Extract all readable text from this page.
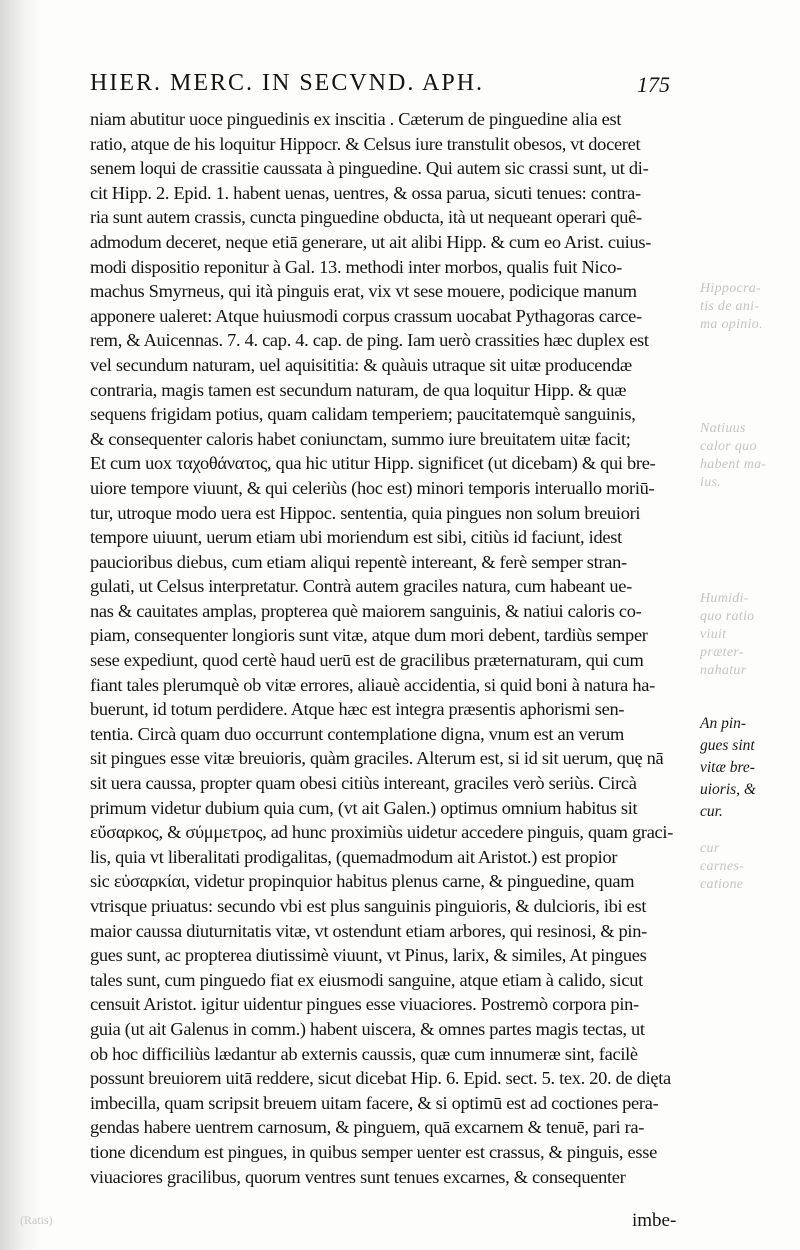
HIER. MERC. IN SECVND. APH.	175
niam abutitur uoce pinguedinis ex inscitia . Cæterum de pinguedine alia est
ratio, atque de his loquitur Hippocr. & Celsus iure transtulit obesos, vt doceret
senem loqui de crassitie caussata à pinguedine. Qui autem sic crassi sunt, ut di-
cit Hipp. 2. Epid. 1. habent uenas, uentres, & ossa parua, sicuti tenues: contra-
ria sunt autem crassis, cuncta pinguedine obducta, ità ut nequeant operari quê-
admodum deceret, neque etiā generare, ut ait alibi Hipp. & cum eo Arist. cuius-
modi dispositio reponitur à Gal. 13. methodi inter morbos, qualis fuit Nico-
machus Smyrneus, qui ità pinguis erat, vix vt sese mouere, podicique manum
apponere ualeret: Atque huiusmodi corpus crassum uocabat Pythagoras carce-
rem, & Auicennas. 7. 4. cap. 4. cap. de ping. Iam uerò crassities hæc duplex est
vel secundum naturam, uel aquisititia: & quàuis utraque sit uitæ producendæ
contraria, magis tamen est secundum naturam, de qua loquitur Hipp. & quæ
sequens frigidam potius, quam calidam temperiem; paucitatemquè sanguinis,
& consequenter caloris habet coniunctam, summo iure breuitatem uitæ facit;
Et cum uox ταχοθάνατος, qua hic utitur Hipp. significet (ut dicebam) & qui bre-
uiore tempore viuunt, & qui celeriùs (hoc est) minori temporis interuallo moriū-
tur, utroque modo uera est Hippoc. sententia, quia pingues non solum breuiori
tempore uiuunt, uerum etiam ubi moriendum est sibi, citiùs id faciunt, idest
paucioribus diebus, cum etiam aliqui repentè intereant, & ferè semper stran-
gulati, ut Celsus interpretatur. Contrà autem graciles natura, cum habeant ue-
nas & cauitates amplas, propterea què maiorem sanguinis, & natiui caloris co-
piam, consequenter longioris sunt vitæ, atque dum mori debent, tardiùs semper
sese expediunt, quod certè haud uerū est de gracilibus præternaturam, qui cum
fiant tales plerumquè ob vitæ errores, aliauè accidentia, si quid boni à natura ha-
buerunt, id totum perdidere. Atque hæc est integra præsentis aphorismi sen-
tentia. Circà quam duo occurrunt contemplatione digna, vnum est an verum
sit pingues esse vitæ breuioris, quàm graciles. Alterum est, si id sit uerum, quę nā
sit uera caussa, propter quam obesi citiùs intereant, graciles verò seriùs. Circà
primum videtur dubium quia cum, (vt ait Galen.) optimus omnium habitus sit
εὔσαρκος, & σύμμετρος, ad hunc proximiùs uidetur accedere pinguis, quam graci-
lis, quia vt liberalitati prodigalitas, (quemadmodum ait Aristot.) est propior
sic εὐσαρκίαι, videtur propinquior habitus plenus carne, & pinguedine, quam
vtrisque priuatus: secundo vbi est plus sanguinis pinguioris, & dulcioris, ibi est
maior caussa diuturnitatis vitæ, vt ostendunt etiam arbores, qui resinosi, & pin-
gues sunt, ac propterea diutissimè viuunt, vt Pinus, larix, & similes, At pingues
tales sunt, cum pinguedo fiat ex eiusmodi sanguine, atque etiam à calido, sicut
censuit Aristot. igitur uidentur pingues esse viuaciores. Postremò corpora pin-
guia (ut ait Galenus in comm.) habent uiscera, & omnes partes magis tectas, ut
ob hoc difficiliùs lædantur ab externis caussis, quæ cum innumeræ sint, facilè
possunt breuiorem uitā reddere, sicut dicebat Hip. 6. Epid. sect. 5. tex. 20. de dięta
imbecilla, quam scripsit breuem uitam facere, & si optimū est ad coctiones pera-
gendas habere uentrem carnosum, & pinguem, quā excarnem & tenuē, pari ra-
tione dicendum est pingues, in quibus semper uenter est crassus, & pinguis, esse
viuaciores gracilibus, quorum ventres sunt tenues excarnes, & consequenter
Hippocra-
tis de ani-
ma opinio.
Natiuus
calor quo
habent ma-
ius.
Humidi-
quo ratio
viuit
præter-
nahatur
cur
carnes-
catione
An pin-
gues sint
vitæ bre-
uioris, &
cur.
imbe-
(Ratis)
